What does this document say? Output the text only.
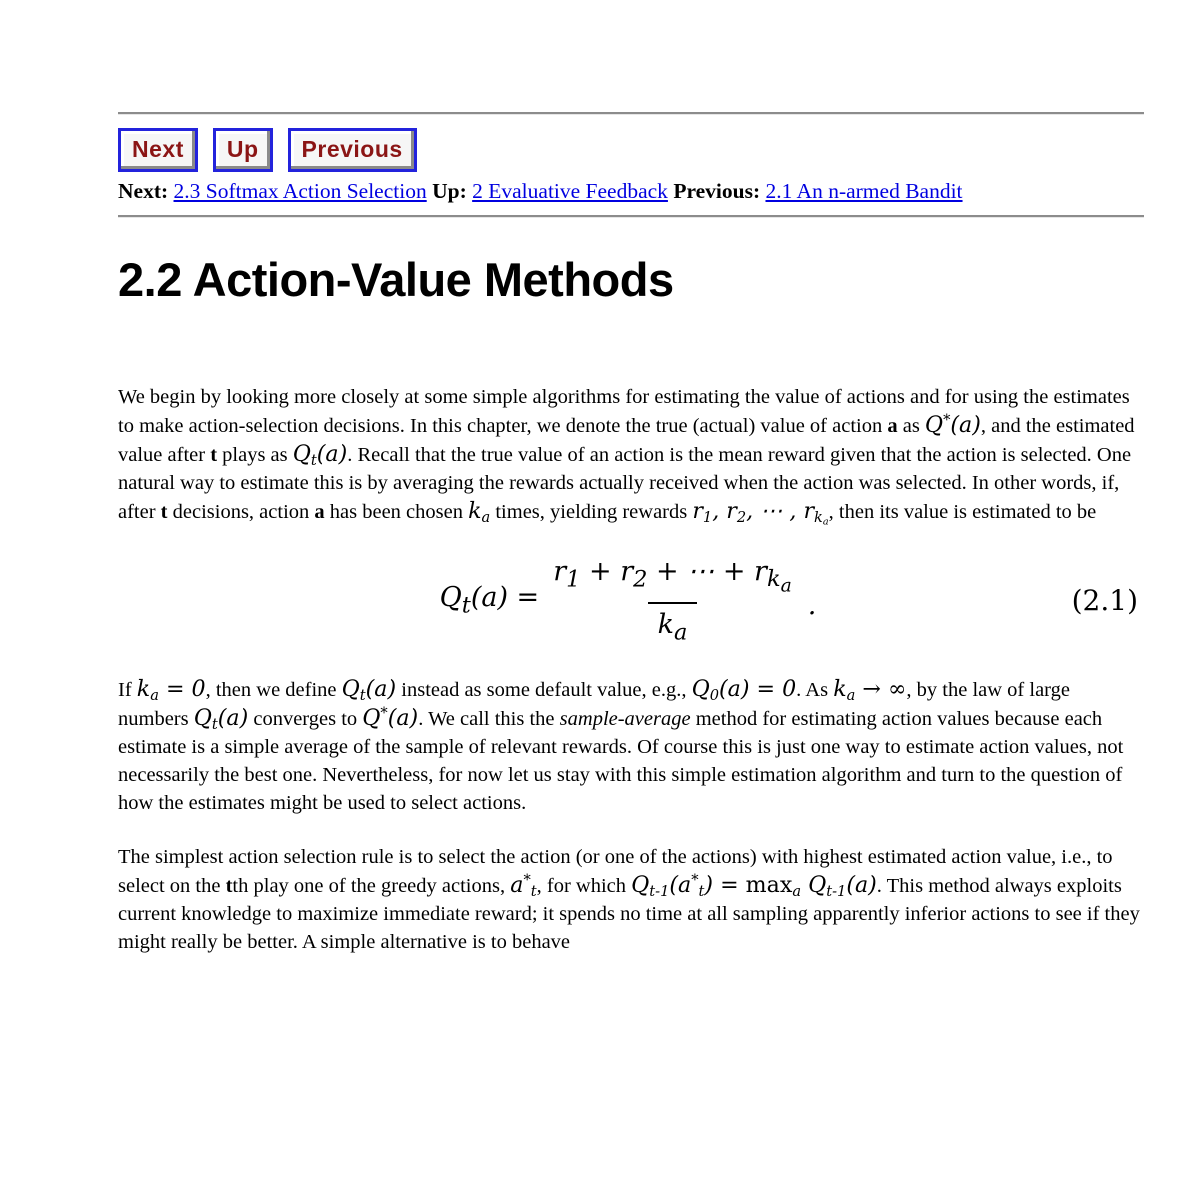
Next
	Up
	Previous
Next: 2.3 Softmax Action Selection Up: 2 Evaluative Feedback Previous: 2.1 An n-armed Bandit
2.2 Action-Value Methods

We begin by looking more closely at some simple algorithms for estimating the value of actions and for using the estimates to make action-selection decisions. In this chapter, we denote the true (actual) value of action a as Q*(a), and the estimated value after t plays as $Q_t(a)$. Recall that the true value of an action is the mean reward given that the action is selected. One natural way to estimate this is by averaging the rewards actually received when the action was selected. In other words, if, after t decisions, action a has been chosen $k_a$ times, yielding rewards $r_1$, $r_2$, ⋯ , $r_{k_a}$, then its value is estimated to be

$Q_t(a) = \frac{r_1 + r_2 + \cdots + r_{k_a}}{k_a}$ .	(2.1)

If $k_a = 0$, then we define $Q_t(a)$ instead as some default value, e.g., $Q_0(a) = 0$. As $k_a$ → ∞, by the law of large numbers $Q_t(a)$ converges to Q*(a). We call this the sample-average method for estimating action values because each estimate is a simple average of the sample of relevant rewards. Of course this is just one way to estimate action values, not necessarily the best one. Nevertheless, for now let us stay with this simple estimation algorithm and turn to the question of how the estimates might be used to select actions.

The simplest action selection rule is to select the action (or one of the actions) with highest estimated action value, i.e., to select on the tth play one of the greedy actions, $a^*_t$, for which $Q_{t-1}(a^*_t) = \max_a Q_{t-1}(a)$. This method always exploits current knowledge to maximize immediate reward; it spends no time at all sampling apparently inferior actions to see if they might really be better. A simple alternative is to behave
